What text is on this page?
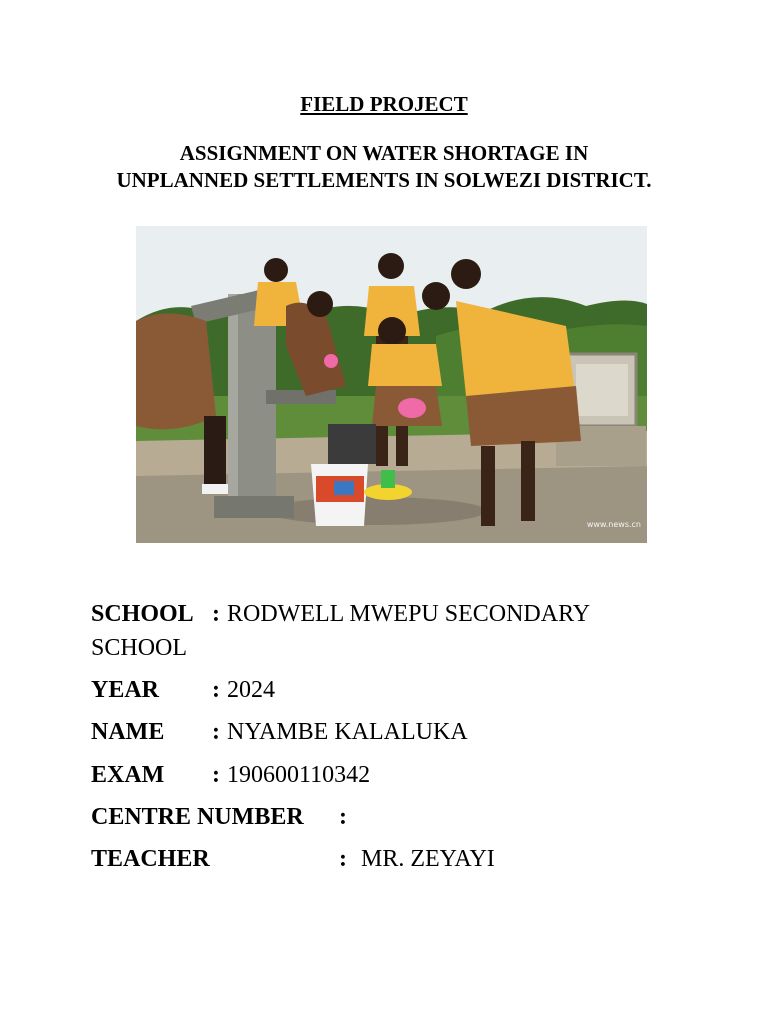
FIELD PROJECT
ASSIGNMENT ON WATER SHORTAGE IN
UNPLANNED SETTLEMENTS IN SOLWEZI DISTRICT.
www.news.cn
SCHOOL : RODWELL MWEPU SECONDARY
SCHOOL
YEAR : 2024
NAME : NYAMBE KALALUKA
EXAM : 190600110342
CENTRE NUMBER :
TEACHER	: MR. ZEYAYI
